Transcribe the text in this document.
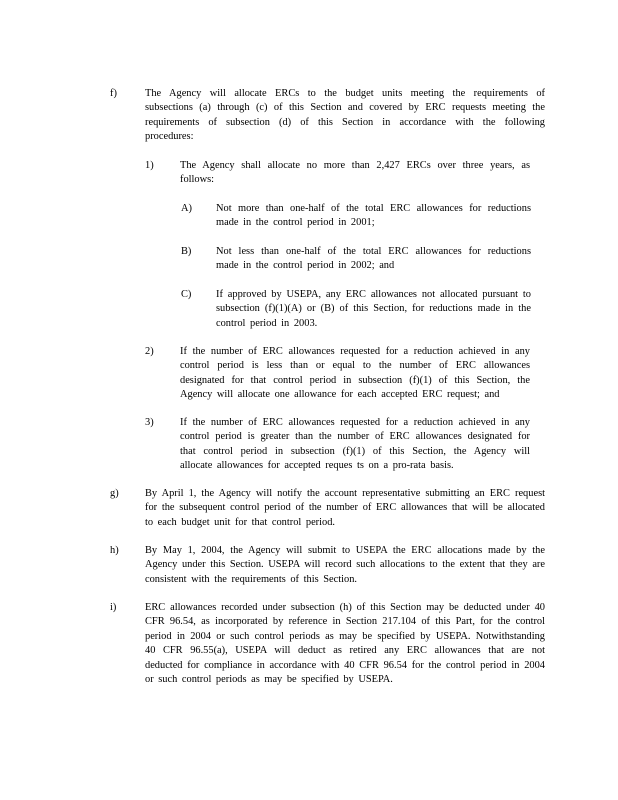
f)	The Agency will allocate ERCs to the budget units meeting the requirements of subsections (a) through (c) of this Section and covered by ERC requests meeting the requirements of subsection (d) of this Section in accordance with the following procedures:
1)	The Agency shall allocate no more than 2,427 ERCs over three years, as follows:
A) Not more than one-half of the total ERC allowances for reductions made in the control period in 2001;
B) Not less than one-half of the total ERC allowances for reductions made in the control period in 2002; and
C) If approved by USEPA, any ERC allowances not allocated pursuant to subsection (f)(1)(A) or (B) of this Section, for reductions made in the control period in 2003.
2)	If the number of ERC allowances requested for a reduction achieved in any control period is less than or equal to the number of ERC allowances designated for that control period in subsection (f)(1) of this Section, the Agency will allocate one allowance for each accepted ERC request; and
3)	If the number of ERC allowances requested for a reduction achieved in any control period is greater than the number of ERC allowances designated for that control period in subsection (f)(1) of this Section, the Agency will allocate allowances for accepted reques ts on a pro-rata basis.
g)	By April 1, the Agency will notify the account representative submitting an ERC request for the subsequent control period of the number of ERC allowances that will be allocated to each budget unit for that control period.
h)	By May 1, 2004, the Agency will submit to USEPA the ERC allocations made by the Agency under this Section. USEPA will record such allocations to the extent that they are consistent with the requirements of this Section.
i)	ERC allowances recorded under subsection (h) of this Section may be deducted under 40 CFR 96.54, as incorporated by reference in Section 217.104 of this Part, for the control period in 2004 or such control periods as may be specified by USEPA. Notwithstanding 40 CFR 96.55(a), USEPA will deduct as retired any ERC allowances that are not deducted for compliance in accordance with 40 CFR 96.54 for the control period in 2004 or such control periods as may be specified by USEPA.
